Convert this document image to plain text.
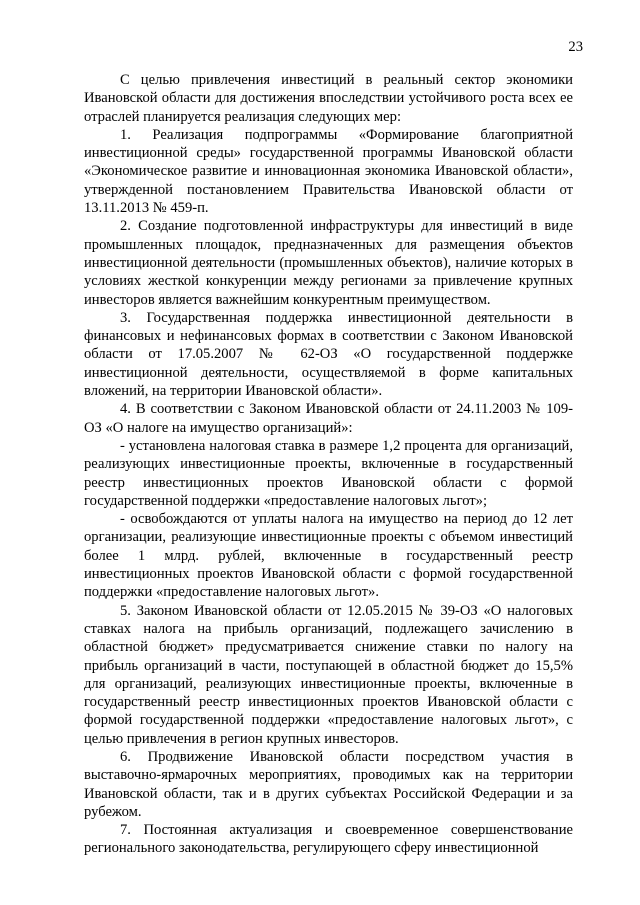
23

С целью привлечения инвестиций в реальный сектор экономики Ивановской области для достижения впоследствии устойчивого роста всех ее отраслей планируется реализация следующих мер:

1. Реализация подпрограммы «Формирование благоприятной инвестиционной среды» государственной программы Ивановской области «Экономическое развитие и инновационная экономика Ивановской области», утвержденной постановлением Правительства Ивановской области от 13.11.2013 № 459-п.

2. Создание подготовленной инфраструктуры для инвестиций в виде промышленных площадок, предназначенных для размещения объектов инвестиционной деятельности (промышленных объектов), наличие которых в условиях жесткой конкуренции между регионами за привлечение крупных инвесторов является важнейшим конкурентным преимуществом.

3. Государственная поддержка инвестиционной деятельности в финансовых и нефинансовых формах в соответствии с Законом Ивановской области от 17.05.2007 № 62-ОЗ «О государственной поддержке инвестиционной деятельности, осуществляемой в форме капитальных вложений, на территории Ивановской области».

4. В соответствии с Законом Ивановской области от 24.11.2003 № 109-ОЗ «О налоге на имущество организаций»:

- установлена налоговая ставка в размере 1,2 процента для организаций, реализующих инвестиционные проекты, включенные в государственный реестр инвестиционных проектов Ивановской области с формой государственной поддержки «предоставление налоговых льгот»;

- освобождаются от уплаты налога на имущество на период до 12 лет организации, реализующие инвестиционные проекты с объемом инвестиций более 1 млрд. рублей, включенные в государственный реестр инвестиционных проектов Ивановской области с формой государственной поддержки «предоставление налоговых льгот».

5. Законом Ивановской области от 12.05.2015 № 39-ОЗ «О налоговых ставках налога на прибыль организаций, подлежащего зачислению в областной бюджет» предусматривается снижение ставки по налогу на прибыль организаций в части, поступающей в областной бюджет до 15,5% для организаций, реализующих инвестиционные проекты, включенные в государственный реестр инвестиционных проектов Ивановской области с формой государственной поддержки «предоставление налоговых льгот», с целью привлечения в регион крупных инвесторов.

6. Продвижение Ивановской области посредством участия в выставочно-ярмарочных мероприятиях, проводимых как на территории Ивановской области, так и в других субъектах Российской Федерации и за рубежом.

7. Постоянная актуализация и своевременное совершенствование регионального законодательства, регулирующего сферу инвестиционной
